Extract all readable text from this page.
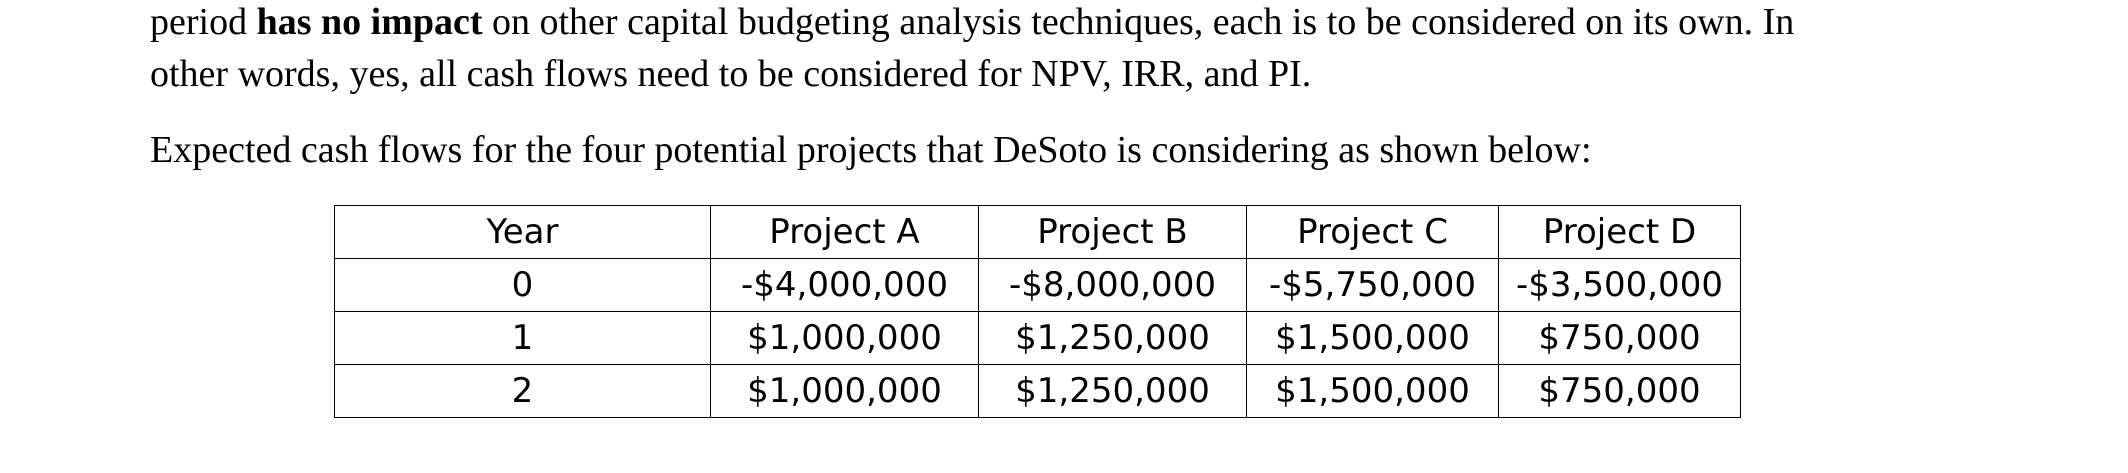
period has no impact on other capital budgeting analysis techniques, each is to be considered on its own. In
other words, yes, all cash flows need to be considered for NPV, IRR, and PI.
Expected cash flows for the four potential projects that DeSoto is considering as shown below:
Year	Project A	Project B	Project C	Project D
0	-$4,000,000	-$8,000,000	-$5,750,000	-$3,500,000
1	$1,000,000	$1,250,000	$1,500,000	$750,000
2	$1,000,000	$1,250,000	$1,500,000	$750,000
